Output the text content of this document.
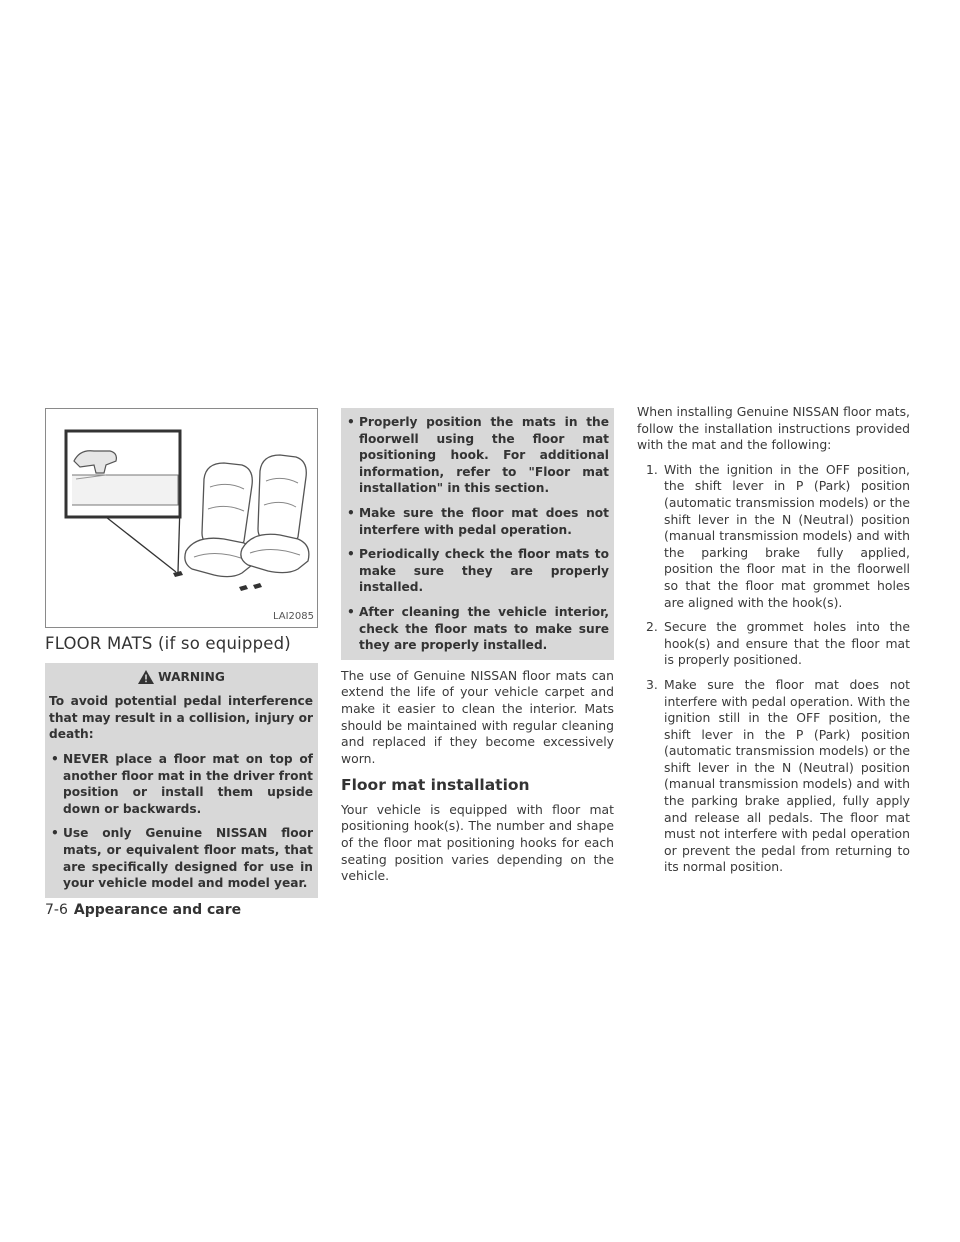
LAI2085
FLOOR MATS (if so equipped)
WARNING
To avoid potential pedal interference that may result in a collision, injury or death:
• NEVER place a floor mat on top of another floor mat in the driver front position or install them upside down or backwards.
• Use only Genuine NISSAN floor mats, or equivalent floor mats, that are specifically designed for use in your vehicle model and model year.
7-6 Appearance and care
• Properly position the mats in the floorwell using the floor mat positioning hook. For additional information, refer to "Floor mat installation" in this section.
• Make sure the floor mat does not interfere with pedal operation.
• Periodically check the floor mats to make sure they are properly installed.
• After cleaning the vehicle interior, check the floor mats to make sure they are properly installed.

The use of Genuine NISSAN floor mats can extend the life of your vehicle carpet and make it easier to clean the interior. Mats should be maintained with regular cleaning and replaced if they become excessively worn.

Floor mat installation

Your vehicle is equipped with floor mat positioning hook(s). The number and shape of the floor mat positioning hooks for each seating position varies depending on the vehicle.

When installing Genuine NISSAN floor mats, follow the installation instructions provided with the mat and the following:

1. With the ignition in the OFF position, the shift lever in P (Park) position (automatic transmission models) or the shift lever in the N (Neutral) position (manual transmission models) and with the parking brake fully applied, position the floor mat in the floorwell so that the floor mat grommet holes are aligned with the hook(s).
2. Secure the grommet holes into the hook(s) and ensure that the floor mat is properly positioned.
3. Make sure the floor mat does not interfere with pedal operation. With the ignition still in the OFF position, the shift lever in the P (Park) position (automatic transmission models) or the shift lever in the N (Neutral) position (manual transmission models) and with the parking brake applied, fully apply and release all pedals. The floor mat must not interfere with pedal operation or prevent the pedal from returning to its normal position.
